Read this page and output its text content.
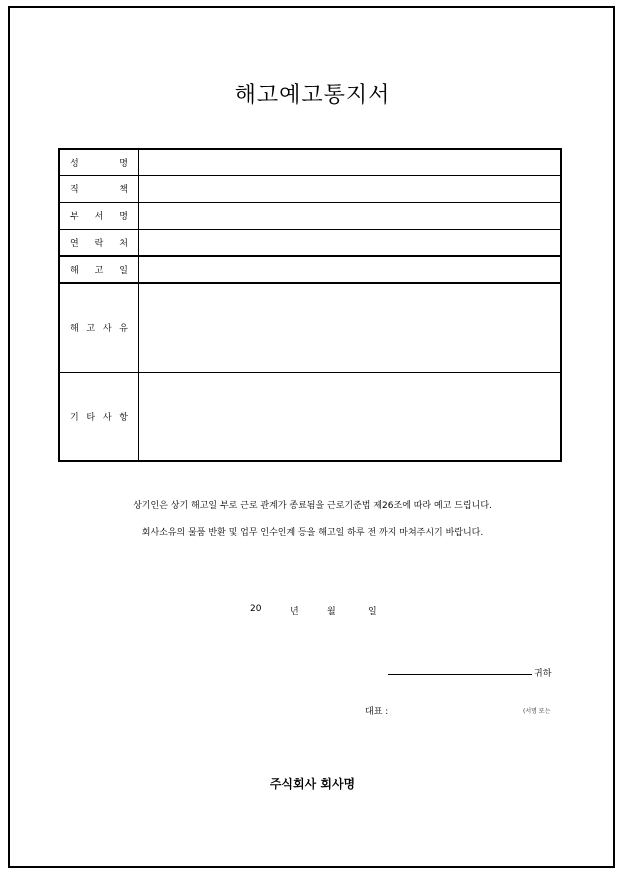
해고예고통지서
성 명	

직 책	

부 서 명	

연 락 처	

해 고 일	

해 고 사 유	

기 타 사 항	

상기인은 상기 해고일 부로 근로 관계가 종료됨을 근로기준법 제26조에 따라 예고 드립니다.
회사소유의 물품 반환 및 업무 인수인계 등을 해고일 하루 전 까지 마쳐주시기 바랍니다.
20	년	월	일
귀하
대표 :	(서명 또는
주식회사 회사명
